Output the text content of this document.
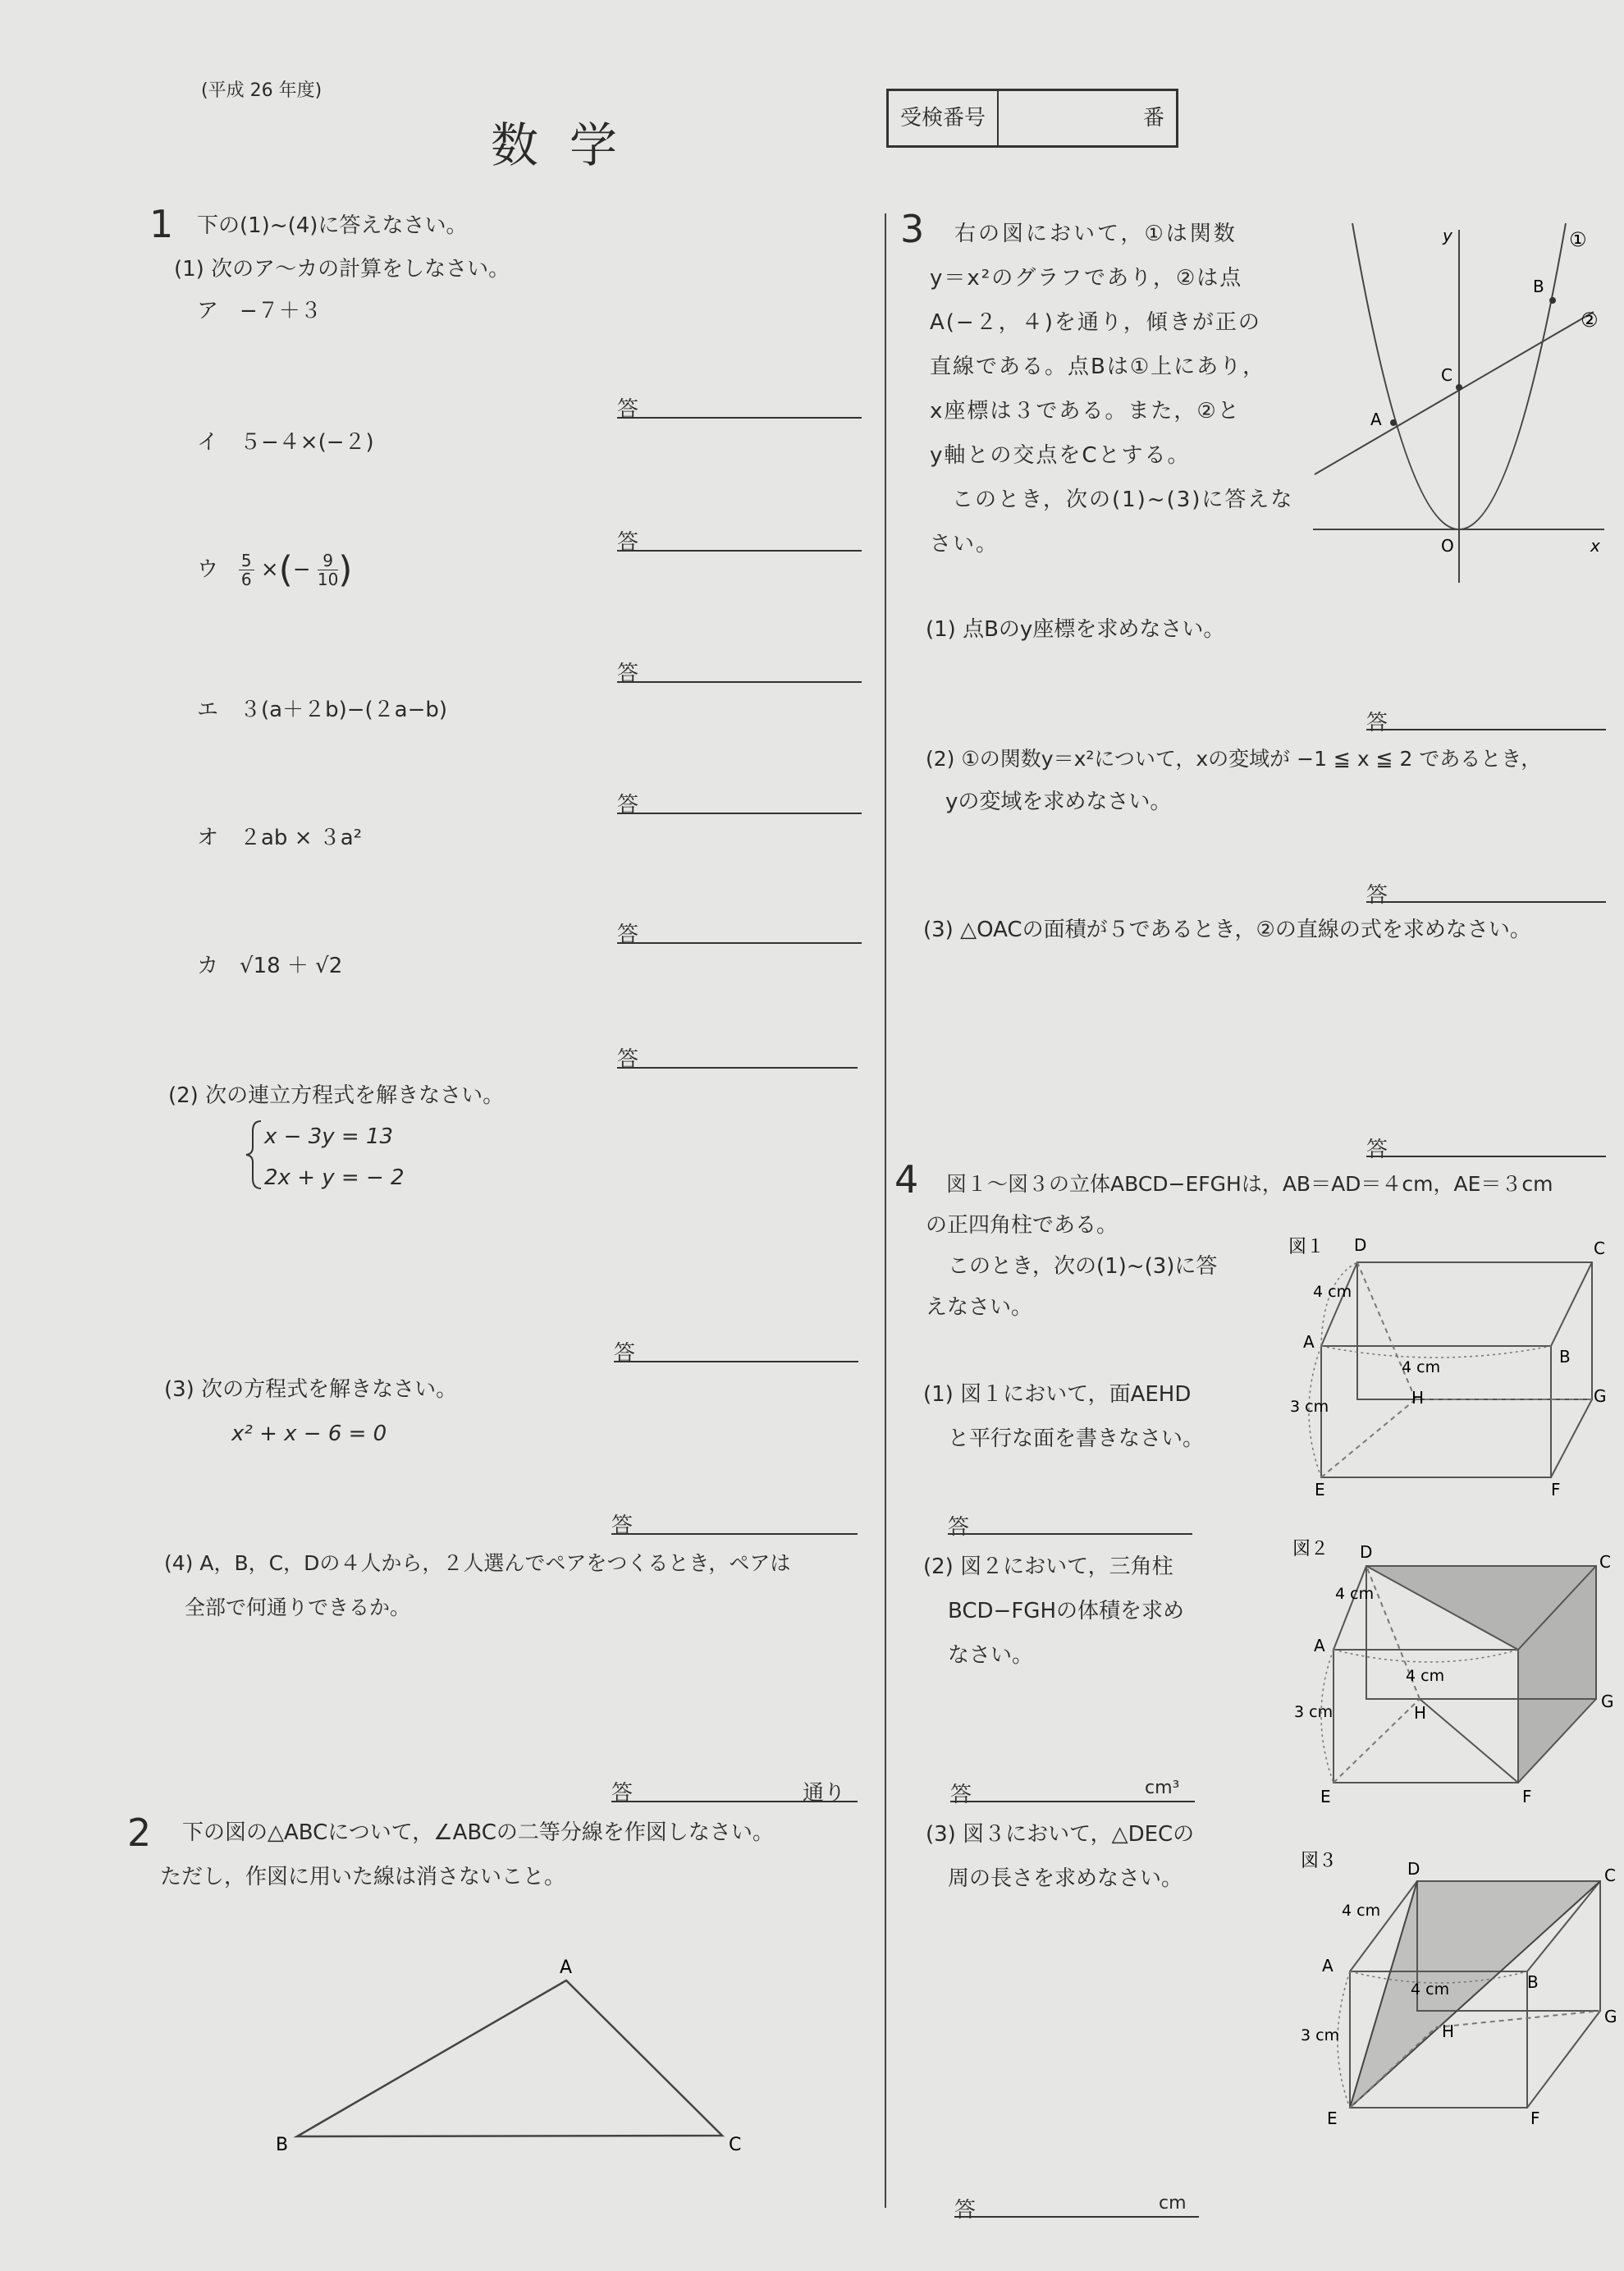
(平成 26 年度)
数学	受検番号	番
1 下の(1)~(4)に答えなさい。
(1) 次のア～カの計算をしなさい。
ア　−７＋３
答
イ　５−４×(−２)
答
ウ $\frac{5}{6}$ ×(− $\frac{9}{10}$ )
答
エ　３(a＋２b)−(２a−b)
答
オ　２ab × ３a²
答
カ　√18 ＋ √2
答
(2) 次の連立方程式を解きなさい。
x − 3y = 13
2x + y = − 2
答
(3) 次の方程式を解きなさい。
x² + x − 6 = 0
答
(4) A，B，C，Dの４人から，２人選んでペアをつくるとき，ペアは
全部で何通りできるか。
答	通り
2 下の図の△ABCについて，∠ABCの二等分線を作図しなさい。
ただし，作図に用いた線は消さないこと。
A
B	C
3 右の図において，①は関数
y＝x²のグラフであり，②は点
A(−２，４)を通り，傾きが正の
直線である。点Bは①上にあり，
x座標は３である。また，②と
y軸との交点をCとする。
このとき，次の(1)~(3)に答えな
さい。
y
x
O
A
C
B
①
②
(1) 点Bのy座標を求めなさい。
答
(2) ①の関数y＝x²について，xの変域が −1 ≦ x ≦ 2 であるとき，
yの変域を求めなさい。
答
(3) △OACの面積が５であるとき，②の直線の式を求めなさい。
答
4 図１～図３の立体ABCD−EFGHは，AB＝AD＝４cm，AE＝３cm
の正四角柱である。
このとき，次の(1)~(3)に答
えなさい。
(1) 図１において，面AEHD
と平行な面を書きなさい。
答
(2) 図２において，三角柱
BCD−FGHの体積を求め
なさい。
答	cm³
(3) 図３において，△DECの
周の長さを求めなさい。
答	cm
図１ D	C
4 cm
A
B
4 cm
H	G
3 cm
E	F
図２ D	C
4 cm
A
4 cm
H
G
3 cm
E	F
図３	D	C
4 cm
A
B
4 cm
H
G
3 cm
E	F
